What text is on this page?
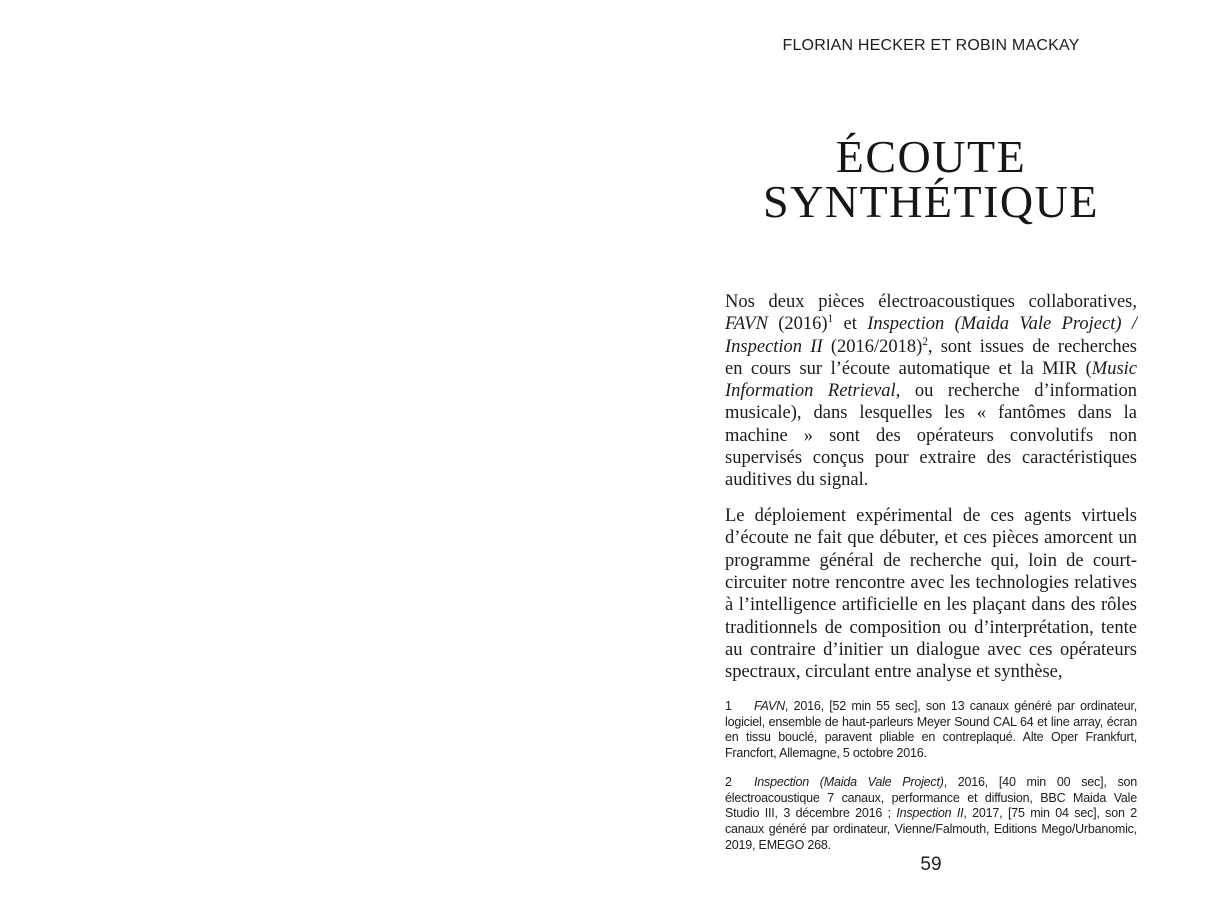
FLORIAN HECKER ET ROBIN MACKAY
ÉCOUTE
SYNTHÉTIQUE

Nos deux pièces électroacoustiques collaboratives, FAVN $(2016)^1$ et Inspection (Maida Vale Project) / Inspection II $(2016/2018)^2$, sont issues de recherches en cours sur l’écoute automatique et la MIR (Music Information Retrieval, ou recherche d’information musicale), dans lesquelles les « fantômes dans la machine » sont des opérateurs convolutifs non supervisés conçus pour extraire des caractéristiques auditives du signal.

Le déploiement expérimental de ces agents virtuels d’écoute ne fait que débuter, et ces pièces amorcent un programme général de recherche qui, loin de court-circuiter notre rencontre avec les technologies relatives à l’intelligence artificielle en les plaçant dans des rôles traditionnels de composition ou d’interprétation, tente au contraire d’initier un dialogue avec ces opérateurs spectraux, circulant entre analyse et synthèse,

1 FAVN, 2016, [52 min 55 sec], son 13 canaux généré par ordinateur, logiciel, ensemble de haut-parleurs Meyer Sound CAL 64 et line array, écran en tissu bouclé, paravent pliable en contreplaqué. Alte Oper Frankfurt, Francfort, Allemagne, 5 octobre 2016.

2 Inspection (Maida Vale Project), 2016, [40 min 00 sec], son électroacoustique 7 canaux, performance et diffusion, BBC Maida Vale Studio III, 3 décembre 2016 ; Inspection II, 2017, [75 min 04 sec], son 2 canaux généré par ordinateur, Vienne/Falmouth, Editions Mego/Urbanomic, 2019, EMEGO 268.

59
